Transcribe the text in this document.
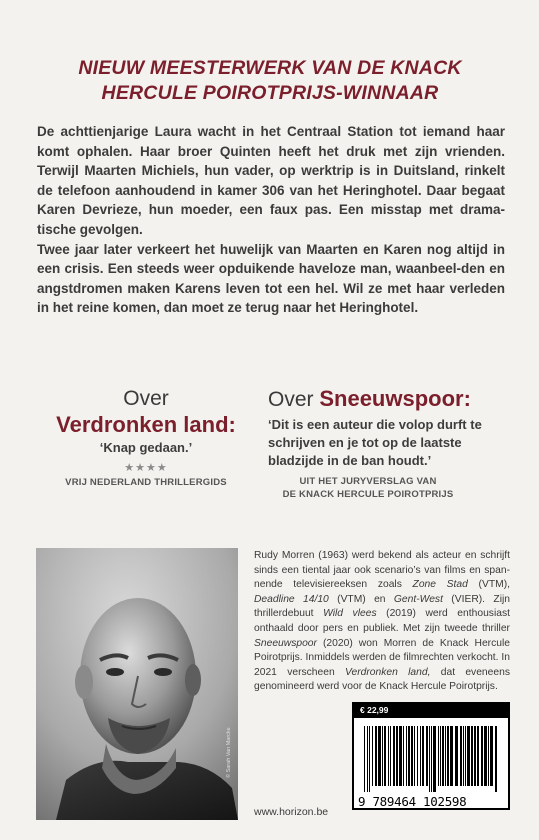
NIEUW MEESTERWERK VAN DE KNACK
HERCULE POIROTPRIJS-WINNAAR

De achttienjarige Laura wacht in het Centraal Station tot iemand haar komt ophalen. Haar broer Quinten heeft het druk met zijn vrienden. Terwijl Maarten Michiels, hun vader, op werktrip is in Duitsland, rinkelt de telefoon aanhoudend in kamer 306 van het Heringhotel. Daar begaat Karen Devrieze, hun moeder, een faux pas. Een misstap met drama-tische gevolgen.

Twee jaar later verkeert het huwelijk van Maarten en Karen nog altijd in een crisis. Een steeds weer opduikende haveloze man, waanbeel-den en angstdromen maken Karens leven tot een hel. Wil ze met haar verleden in het reine komen, dan moet ze terug naar het Heringhotel.

Over
Verdronken land:
‘Knap gedaan.’
★★★★
VRIJ NEDERLAND THRILLERGIDS
Over Sneeuwspoor:
‘Dit is een auteur die volop durft te schrijven en je tot op de laatste bladzijde in de ban houdt.’
UIT HET JURYVERSLAG VAN
DE KNACK HERCULE POIROTPRIJS
© Sarah Van Marcke
Rudy Morren (1963) werd bekend als acteur en schrijft sinds een tiental jaar ook scenario’s van films en span-nende televisiereeksen zoals Zone Stad (VTM), Deadline 14/10 (VTM) en Gent-West (VIER). Zijn thrillerdebuut Wild vlees (2019) werd enthousiast onthaald door pers en publiek. Met zijn tweede thriller Sneeuwspoor (2020) won Morren de Knack Hercule Poirotprijs. Inmiddels werden de filmrechten verkocht. In 2021 verscheen Verdronken land, dat eveneens genomineerd werd voor de Knack Hercule Poirotprijs.
€ 22,99
9 789464 102598
www.horizon.be
